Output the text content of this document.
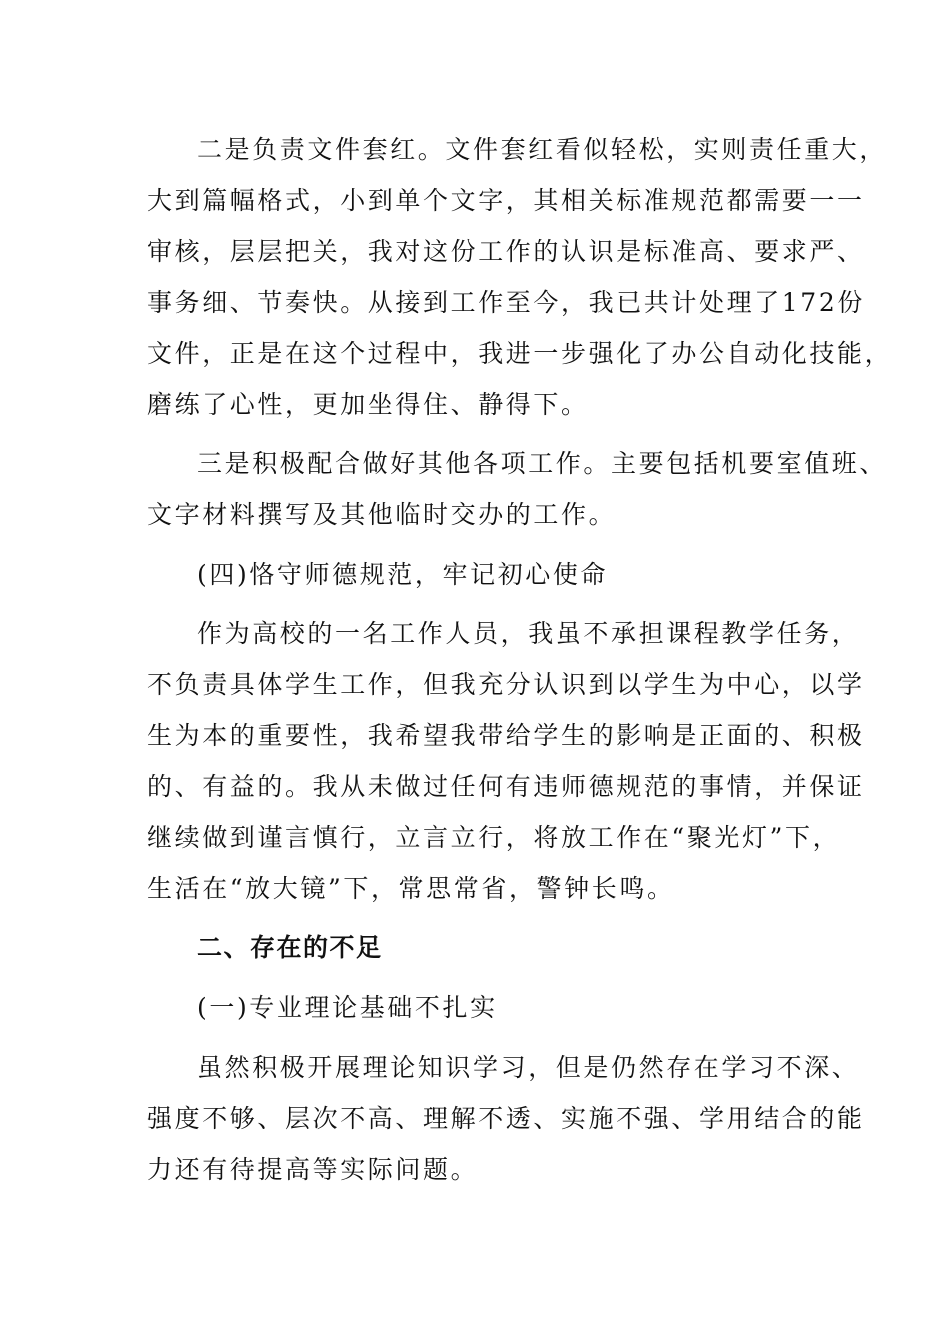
二是负责文件套红。文件套红看似轻松，实则责任重大，
大到篇幅格式，小到单个文字，其相关标准规范都需要一一
审核，层层把关，我对这份工作的认识是标准高、要求严、
事务细、节奏快。从接到工作至今，我已共计处理了172份
文件，正是在这个过程中，我进一步强化了办公自动化技能，
磨练了心性，更加坐得住、静得下。
三是积极配合做好其他各项工作。主要包括机要室值班、
文字材料撰写及其他临时交办的工作。
(四)恪守师德规范，牢记初心使命
作为高校的一名工作人员，我虽不承担课程教学任务，
不负责具体学生工作，但我充分认识到以学生为中心，以学
生为本的重要性，我希望我带给学生的影响是正面的、积极
的、有益的。我从未做过任何有违师德规范的事情，并保证
继续做到谨言慎行，立言立行，将放工作在“聚光灯”下，
生活在“放大镜”下，常思常省，警钟长鸣。
二、存在的不足
(一)专业理论基础不扎实
虽然积极开展理论知识学习，但是仍然存在学习不深、
强度不够、层次不高、理解不透、实施不强、学用结合的能
力还有待提高等实际问题。
